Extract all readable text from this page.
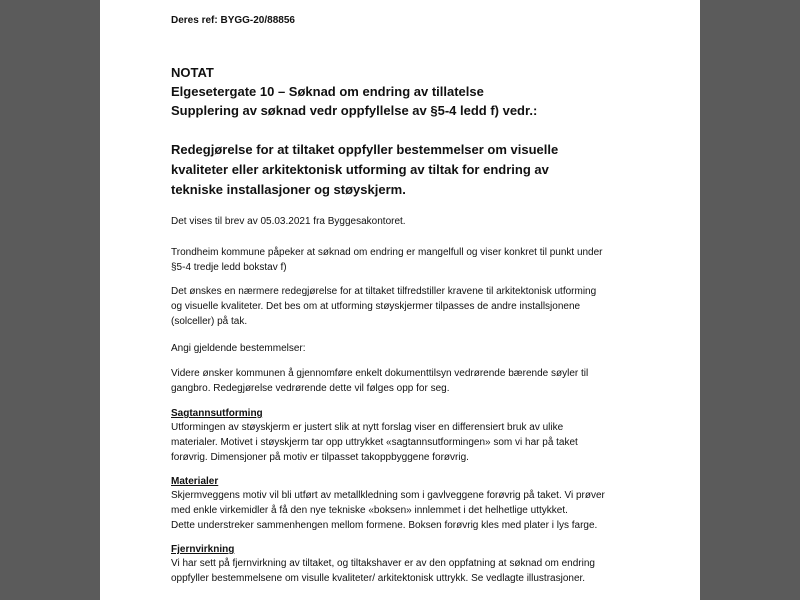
Deres ref: BYGG-20/88856
NOTAT
Elgesetergate 10 – Søknad om endring av tillatelse
Supplering av søknad vedr oppfyllelse av §5-4 ledd f) vedr.:
Redegjørelse for at tiltaket oppfyller bestemmelser om visuelle
kvaliteter eller arkitektonisk utforming av tiltak for endring av
tekniske installasjoner og støyskjerm.
Det vises til brev av 05.03.2021 fra Byggesakontoret.
Trondheim kommune påpeker at søknad om endring er mangelfull og viser konkret til punkt under
§5-4 tredje ledd bokstav f)
Det ønskes en nærmere redegjørelse for at tiltaket tilfredstiller kravene til arkitektonisk utforming
og visuelle kvaliteter. Det bes om at utforming støyskjermer tilpasses de andre installsjonene
(solceller) på tak.
Angi gjeldende bestemmelser:
Videre ønsker kommunen å gjennomføre enkelt dokumenttilsyn vedrørende bærende søyler til
gangbro. Redegjørelse vedrørende dette vil følges opp for seg.
Sagtannsutforming
Utformingen av støyskjerm er justert slik at nytt forslag viser en differensiert bruk av ulike
materialer. Motivet i støyskjerm tar opp uttrykket «sagtannsutformingen» som vi har på taket
forøvrig. Dimensjoner på motiv er tilpasset takoppbyggene forøvrig.
Materialer
Skjermveggens motiv vil bli utført av metallkledning som i gavlveggene forøvrig på taket. Vi prøver
med enkle virkemidler å få den nye tekniske «boksen» innlemmet i det helhetlige uttykket.
Dette understreker sammenhengen mellom formene. Boksen forøvrig kles med plater i lys farge.
Fjernvirkning
Vi har sett på fjernvirkning av tiltaket, og tiltakshaver er av den oppfatning at søknad om endring
oppfyller bestemmelsene om visulle kvaliteter/ arkitektonisk uttrykk. Se vedlagte illustrasjoner.
